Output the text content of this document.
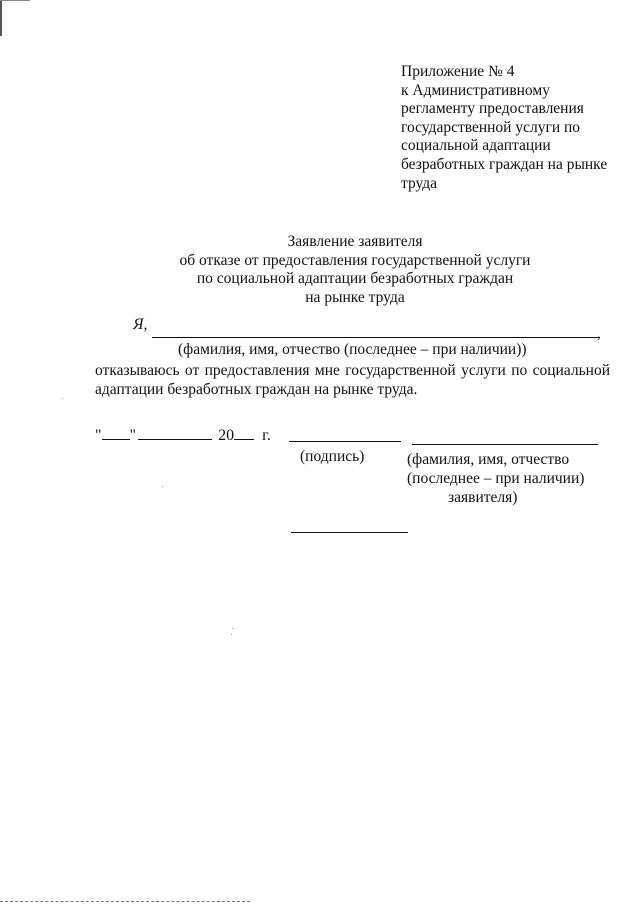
Приложение № 4
к Административному
регламенту предоставления
государственной услуги по
социальной адаптации
безработных граждан на рынке
труда
Заявление заявителя
об отказе от предоставления государственной услуги
по социальной адаптации безработных граждан
на рынке труда
Я,
,
(фамилия, имя, отчество (последнее – при наличии))
отказываюсь от предоставления мне государственной услуги по социальной
адаптации безработных граждан на рынке труда.
" "	20 г.
(подпись)	(фамилия, имя, отчество
(последнее – при наличии)
заявителя)
